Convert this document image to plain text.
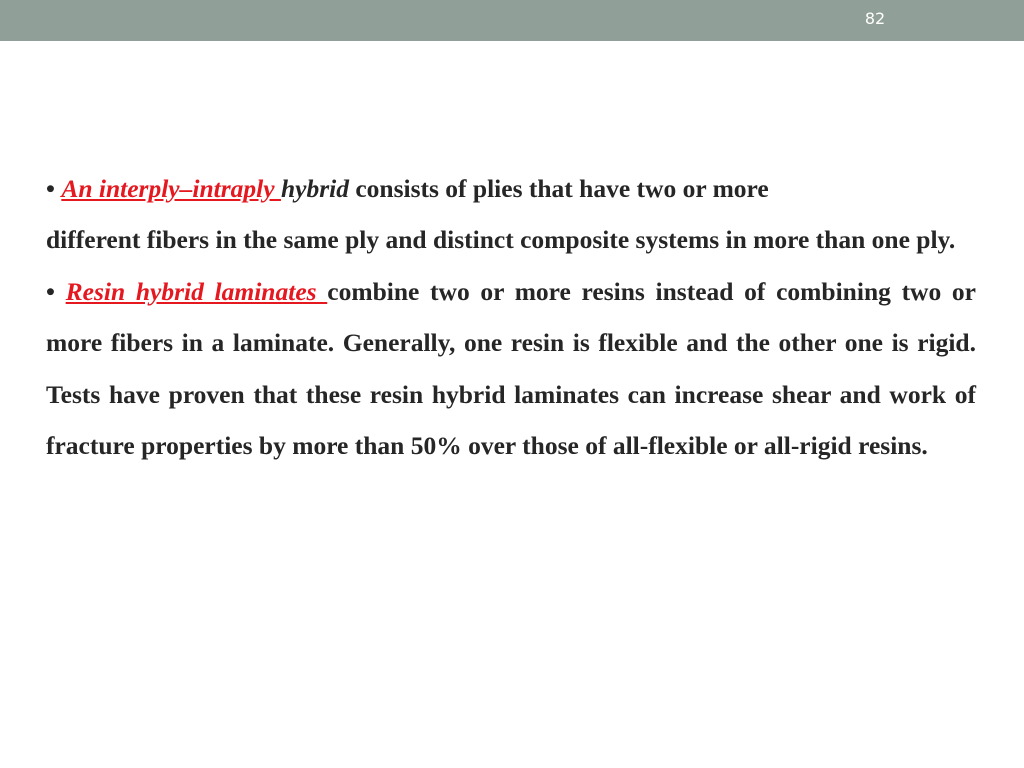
82

• An interply–intraply hybrid consists of plies that have two or more
different fibers in the same ply and distinct composite systems in more than one ply.

• Resin hybrid laminates combine two or more resins instead of combining two or more fibers in a laminate. Generally, one resin is flexible and the other one is rigid. Tests have proven that these resin hybrid laminates can increase shear and work of fracture properties by more than 50% over those of all-flexible or all-rigid resins.
